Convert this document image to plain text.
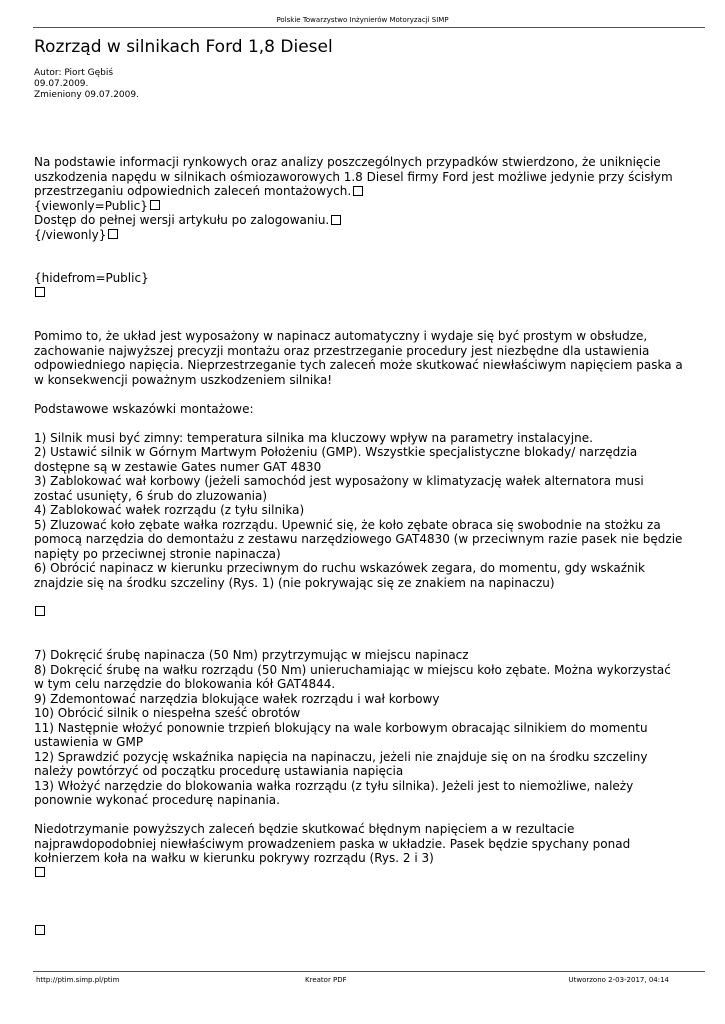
Polskie Towarzystwo Inżynierów Motoryzacji SIMP
Rozrząd w silnikach Ford 1,8 Diesel
Autor: Piort Gębiś
09.07.2009.
Zmieniony 09.07.2009.

Na podstawie informacji rynkowych oraz analizy poszczególnych przypadków stwierdzono, że uniknięcie uszkodzenia napędu w silnikach ośmiozaworowych 1.8 Diesel firmy Ford jest możliwe jedynie przy ścisłym przestrzeganiu odpowiednich zaleceń montażowych.

{viewonly=Public}

Dostęp do pełnej wersji artykułu po zalogowaniu.

{/viewonly}

{hidefrom=Public}

Pomimo to, że układ jest wyposażony w napinacz automatyczny i wydaje się być prostym w obsłudze, zachowanie najwyższej precyzji montażu oraz przestrzeganie procedury jest niezbędne dla ustawienia odpowiedniego napięcia. Nieprzestrzeganie tych zaleceń może skutkować niewłaściwym napięciem paska a w konsekwencji poważnym uszkodzeniem silnika!

Podstawowe wskazówki montażowe:

1) Silnik musi być zimny: temperatura silnika ma kluczowy wpływ na parametry instalacyjne.

2) Ustawić silnik w Górnym Martwym Położeniu (GMP). Wszystkie specjalistyczne blokady/ narzędzia dostępne są w zestawie Gates numer GAT 4830

3) Zablokować wał korbowy (jeżeli samochód jest wyposażony w klimatyzację wałek alternatora musi zostać usunięty, 6 śrub do zluzowania)

4) Zablokować wałek rozrządu (z tyłu silnika)

5) Zluzować koło zębate wałka rozrządu. Upewnić się, że koło zębate obraca się swobodnie na stożku za pomocą narzędzia do demontażu z zestawu narzędziowego GAT4830 (w przeciwnym razie pasek nie będzie napięty po przeciwnej stronie napinacza)

6) Obrócić napinacz w kierunku przeciwnym do ruchu wskazówek zegara, do momentu, gdy wskaźnik znajdzie się na środku szczeliny (Rys. 1) (nie pokrywając się ze znakiem na napinaczu)

7) Dokręcić śrubę napinacza (50 Nm) przytrzymując w miejscu napinacz

8) Dokręcić śrubę na wałku rozrządu (50 Nm) unieruchamiając w miejscu koło zębate. Można wykorzystać w tym celu narzędzie do blokowania kół GAT4844.

9) Zdemontować narzędzia blokujące wałek rozrządu i wał korbowy

10) Obrócić silnik o niespełna sześć obrotów

11) Następnie włożyć ponownie trzpień blokujący na wale korbowym obracając silnikiem do momentu ustawienia w GMP

12) Sprawdzić pozycję wskaźnika napięcia na napinaczu, jeżeli nie znajduje się on na środku szczeliny należy powtórzyć od początku procedurę ustawiania napięcia

13) Włożyć narzędzie do blokowania wałka rozrządu (z tyłu silnika). Jeżeli jest to niemożliwe, należy ponownie wykonać procedurę napinania.

Niedotrzymanie powyższych zaleceń będzie skutkować błędnym napięciem a w rezultacie najprawdopodobniej niewłaściwym prowadzeniem paska w układzie. Pasek będzie spychany ponad kołnierzem koła na wałku w kierunku pokrywy rozrządu (Rys. 2 i 3)

http://ptim.simp.pl/ptim	Kreator PDF	Utworzono 2-03-2017, 04:14
